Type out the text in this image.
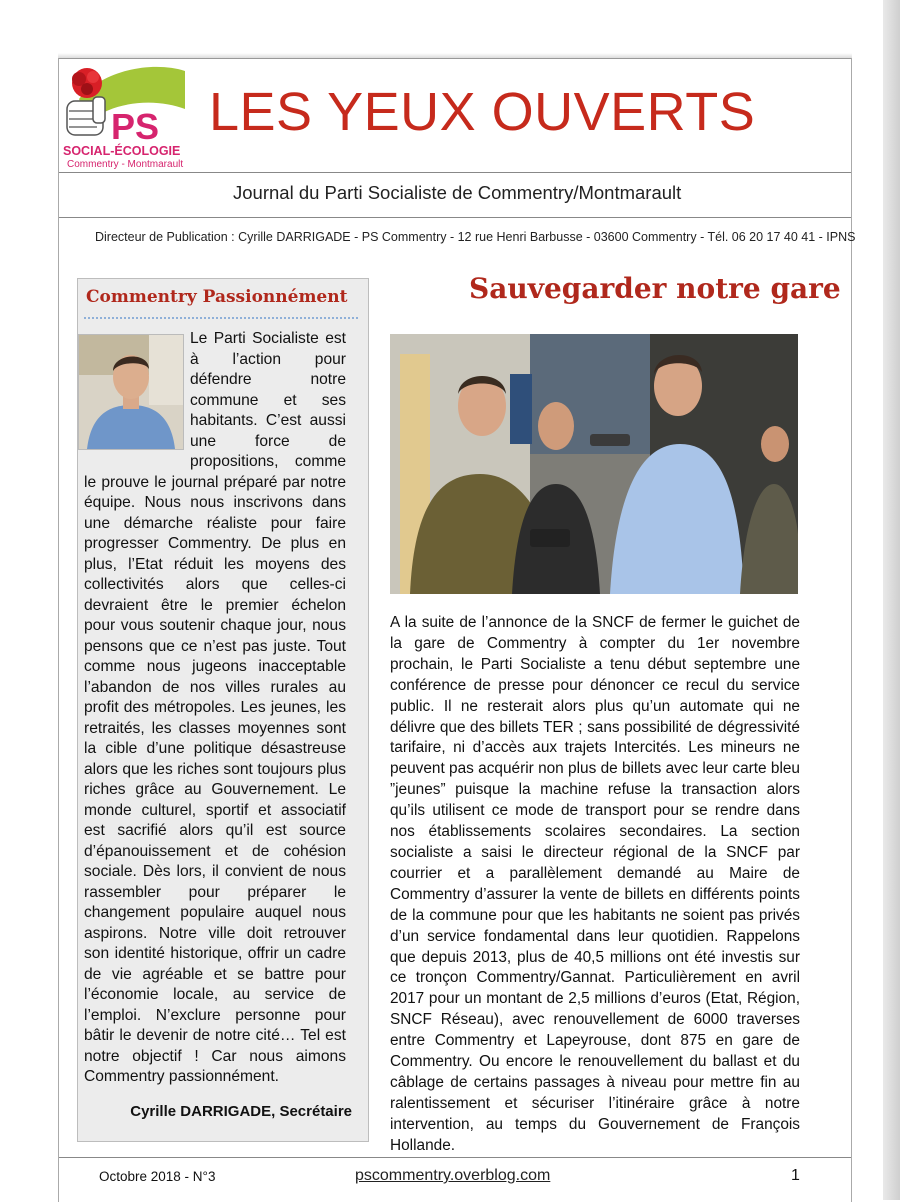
PS
SOCIAL-ÉCOLOGIE
Commentry - Montmarault
LES YEUX OUVERTS
Journal du Parti Socialiste de Commentry/Montmarault
Directeur de Publication : Cyrille DARRIGADE - PS Commentry - 12 rue Henri Barbusse - 03600 Commentry - Tél. 06 20 17 40 41 - IPNS
Commentry Passionnément
Le Parti Socialiste est à l’action pour défendre notre commune et ses habitants. C’est aussi une force de propositions, comme le prouve le journal préparé par notre équipe. Nous nous inscrivons dans une démarche réaliste pour faire progresser Commentry. De plus en plus, l’Etat réduit les moyens des collectivités alors que celles-ci devraient être le premier échelon pour vous soutenir chaque jour, nous pensons que ce n’est pas juste. Tout comme nous jugeons inacceptable l’abandon de nos villes rurales au profit des métropoles. Les jeunes, les retraités, les classes moyennes sont la cible d’une politique désastreuse alors que les riches sont toujours plus riches grâce au Gouvernement. Le monde culturel, sportif et associatif est sacrifié alors qu’il est source d’épanouissement et de cohésion sociale. Dès lors, il convient de nous rassembler pour préparer le changement populaire auquel nous aspirons. Notre ville doit retrouver son identité historique, offrir un cadre de vie agréable et se battre pour l’économie locale, au service de l’emploi. N’exclure personne pour bâtir le devenir de notre cité… Tel est notre objectif ! Car nous aimons Commentry passionnément.
Cyrille DARRIGADE, Secrétaire
Sauvegarder notre gare
A la suite de l’annonce de la SNCF de fermer le guichet de la gare de Commentry à compter du 1er novembre prochain, le Parti Socialiste a tenu début septembre une conférence de presse pour dénoncer ce recul du service public. Il ne resterait alors plus qu’un automate qui ne délivre que des billets TER ; sans possibilité de dégressivité tarifaire, ni d’accès aux trajets Intercités. Les mineurs ne peuvent pas acquérir non plus de billets avec leur carte bleu ”jeunes” puisque la machine refuse la transaction alors qu’ils utilisent ce mode de transport pour se rendre dans nos établissements scolaires secondaires. La section socialiste a saisi le directeur régional de la SNCF par courrier et a parallèlement demandé au Maire de Commentry d’assurer la vente de billets en différents points de la commune pour que les habitants ne soient pas privés d’un service fondamental dans leur quotidien. Rappelons que depuis 2013, plus de 40,5 millions ont été investis sur ce tronçon Commentry/Gannat. Particulièrement en avril 2017 pour un montant de 2,5 millions d’euros (Etat, Région, SNCF Réseau), avec renouvellement de 6000 traverses entre Commentry et Lapeyrouse, dont 875 en gare de Commentry. Ou encore le renouvellement du ballast et du câblage de certains passages à niveau pour mettre fin au ralentissement et sécuriser l’itinéraire grâce à notre intervention, au temps du Gouvernement de François Hollande.
Octobre 2018 - N°3	pscommentry.overblog.com	1
